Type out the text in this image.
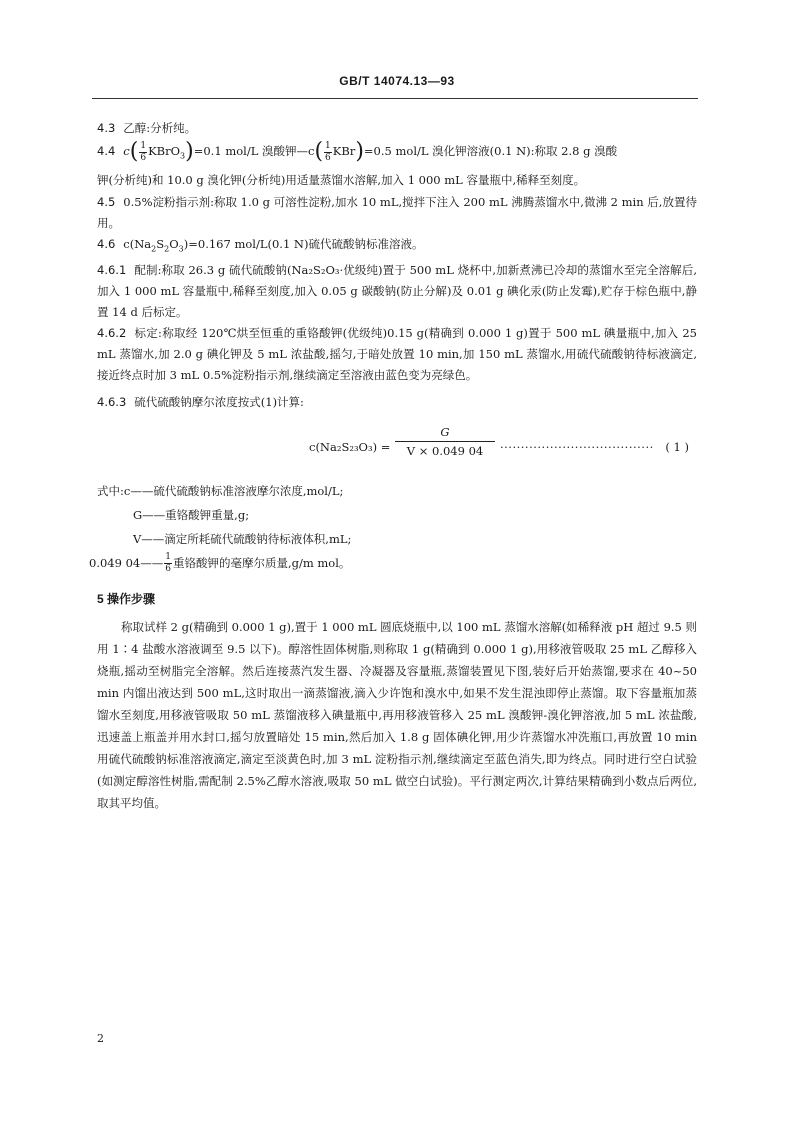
GB/T 14074.13—93

4.3 乙醇:分析纯。

4.4 $c( \frac{1}{6}$ KBrO$_3$)=0.1 mol/L 溴酸钾—c( $\frac{1}{6} KBr)=0.5$ mol/L 溴化钾溶液(0.1 N):称取 2.8 g 溴酸
钾(分析纯)和 10.0 g 溴化钾(分析纯)用适量蒸馏水溶解,加入 1 000 mL 容量瓶中,稀释至刻度。

4.5 0.5%淀粉指示剂:称取 1.0 g 可溶性淀粉,加水 10 mL,搅拌下注入 200 mL 沸腾蒸馏水中,微沸 2 min 后,放置待用。

4.6 $c(Na_2S_2O_3)=0.167$ mol/L(0.1 N)硫代硫酸钠标准溶液。

4.6.1 配制:称取 26.3 g 硫代硫酸钠(Na₂S₂O₃·优级纯)置于 500 mL 烧杯中,加新煮沸已冷却的蒸馏水至完全溶解后,加入 1 000 mL 容量瓶中,稀释至刻度,加入 0.05 g 碳酸钠(防止分解)及 0.01 g 碘化汞(防止发霉),贮存于棕色瓶中,静置 14 d 后标定。

4.6.2 标定:称取经 120℃烘至恒重的重铬酸钾(优级纯)0.15 g(精确到 0.000 1 g)置于 500 mL 碘量瓶中,加入 25 mL 蒸馏水,加 2.0 g 碘化钾及 5 mL 浓盐酸,摇匀,于暗处放置 10 min,加 150 mL 蒸馏水,用硫代硫酸钠待标液滴定,接近终点时加 3 mL 0.5%淀粉指示剂,继续滴定至溶液由蓝色变为亮绿色。

4.6.3 硫代硫酸钠摩尔浓度按式(1)计算:

$c(Na_2S_{23}O_3) = \frac{G}{V \times 0.049 04}$ ····································· ( 1 )
式中:c——硫代硫酸钠标准溶液摩尔浓度,mol/L;
G——重铬酸钾重量,g;
V——滴定所耗硫代硫酸钠待标液体积,mL;
0.049 04—— $\frac{1}{6}$ 重铬酸钾的毫摩尔质量,g/m mol。
5 操作步骤

称取试样 2 g(精确到 0.000 1 g),置于 1 000 mL 圆底烧瓶中,以 100 mL 蒸馏水溶解(如稀释液 pH 超过 9.5 则用 1∶4 盐酸水溶液调至 9.5 以下)。醇溶性固体树脂,则称取 1 g(精确到 0.000 1 g),用移液管吸取 25 mL 乙醇移入烧瓶,摇动至树脂完全溶解。然后连接蒸汽发生器、冷凝器及容量瓶,蒸馏装置见下图,装好后开始蒸馏,要求在 40~50 min 内馏出液达到 500 mL,这时取出一滴蒸馏液,滴入少许饱和溴水中,如果不发生混浊即停止蒸馏。取下容量瓶加蒸馏水至刻度,用移液管吸取 50 mL 蒸馏液移入碘量瓶中,再用移液管移入 25 mL 溴酸钾-溴化钾溶液,加 5 mL 浓盐酸,迅速盖上瓶盖并用水封口,摇匀放置暗处 15 min,然后加入 1.8 g 固体碘化钾,用少许蒸馏水冲洗瓶口,再放置 10 min 用硫代硫酸钠标准溶液滴定,滴定至淡黄色时,加 3 mL 淀粉指示剂,继续滴定至蓝色消失,即为终点。同时进行空白试验(如测定醇溶性树脂,需配制 2.5%乙醇水溶液,吸取 50 mL 做空白试验)。平行测定两次,计算结果精确到小数点后两位,取其平均值。

2
